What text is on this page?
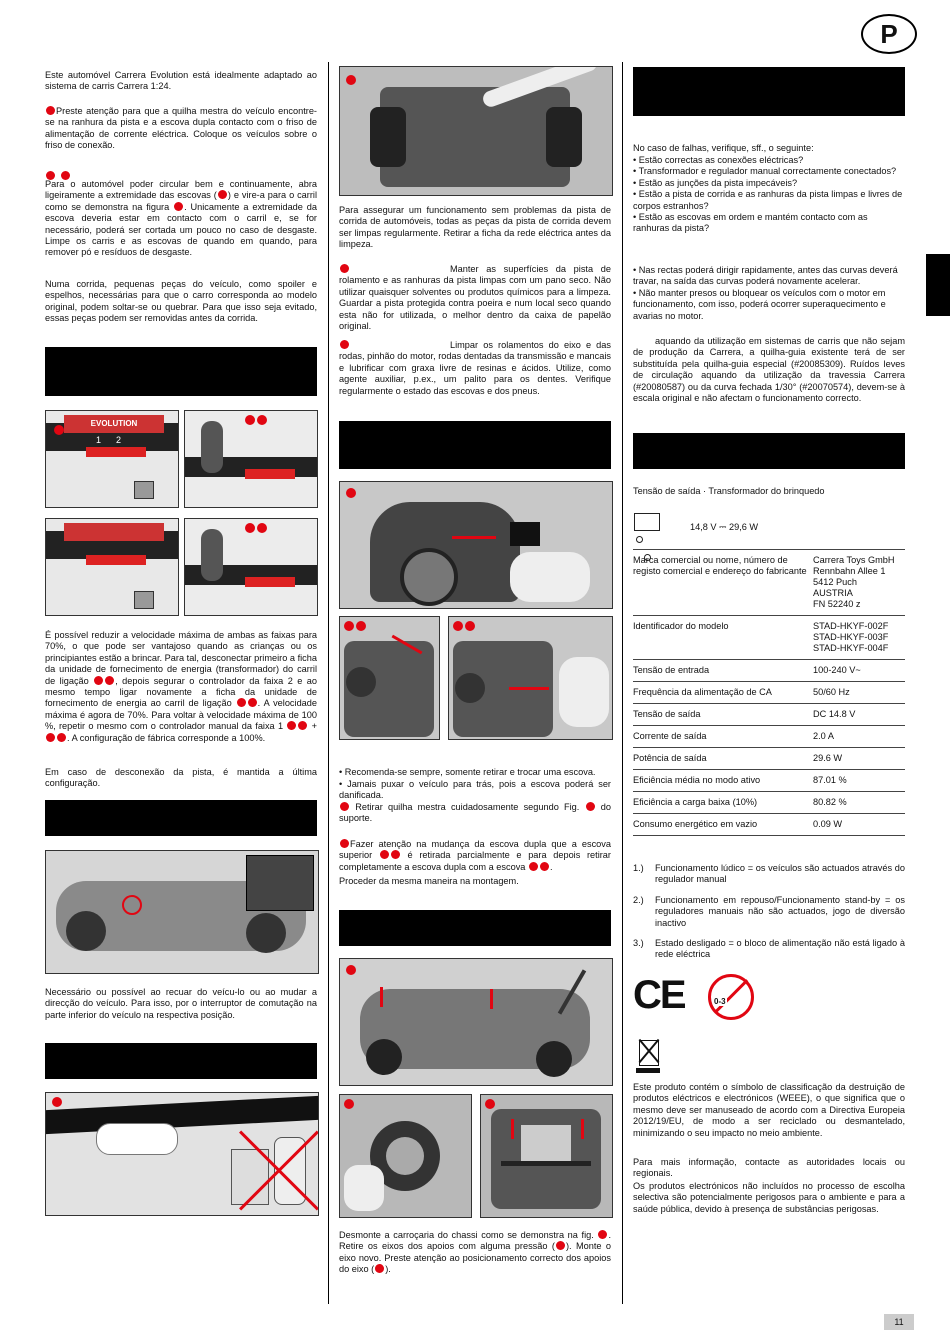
P

Este automóvel Carrera Evolution está idealmente adaptado ao sistema de carris Carrera 1:24.

Preste atenção para que a quilha mestra do veículo encontre-se na ranhura da pista e a escova dupla contacto com o friso de alimentação de corrente eléctrica. Coloque os veículos sobre o friso de conexão.

Para o automóvel poder circular bem e continuamente, abra ligeiramente a extremidade das escovas ( ) e vire-a para o carril como se demonstra na figura . Unicamente a extremidade da escova deveria estar em contacto com o carril e, se for necessário, poderá ser cortada um pouco no caso de desgaste. Limpe os carris e as escovas de quando em quando, para remover pó e resíduos de desgaste.

Numa corrida, pequenas peças do veículo, como spoiler e espelhos, necessárias para que o carro corresponda ao modelo original, podem soltar-se ou quebrar. Para que isso seja evitado, essas peças podem ser removidas antes da corrida.

EVOLUTION
1 2

É possível reduzir a velocidade máxima de ambas as faixas para 70%, o que pode ser vantajoso quando as crianças ou os principiantes estão a brincar. Para tal, desconectar primeiro a ficha da unidade de fornecimento de energia (transformador) do carril de ligação , depois segurar o controlador da faixa 2 e ao mesmo tempo ligar novamente a ficha da unidade de fornecimento de energia ao carril de ligação . A velocidade máxima é agora de 70%. Para voltar à velocidade máxima de 100 %, repetir o mesmo com o controlador manual da faixa 1	+ . A configuração de fábrica corresponde a 100%.

Em caso de desconexão da pista, é mantida a última configuração.

Necessário ou possível ao recuar do veícu-lo ou ao mudar a direcção do veículo. Para isso, por o interruptor de comutação na parte inferior do veículo na respectiva posição.

Para assegurar um funcionamento sem problemas da pista de corrida de automóveis, todas as peças da pista de corrida devem ser limpas regularmente. Retirar a ficha da rede eléctrica antes da limpeza.

Manter as superfícies da pista de rolamento e as ranhuras da pista limpas com um pano seco. Não utilizar quaisquer solventes ou produtos químicos para a limpeza. Guardar a pista protegida contra poeira e num local seco quando esta não for utilizada, o melhor dentro da caixa de papelão original.

Limpar os rolamentos do eixo e das rodas, pinhão do motor, rodas dentadas da transmissão e mancais e lubrificar com graxa livre de resinas e ácidos. Utilize, como agente auxiliar, p.ex., um palito para os dentes. Verifique regularmente o estado das escovas e dos pneus.

• Recomenda-se sempre, somente retirar e trocar uma escova.

• Jamais puxar o veículo para trás, pois a escova poderá ser danificada.

Retirar quilha mestra cuidadosamente segundo Fig. do suporte.

Fazer atenção na mudança da escova dupla que a escova superior	é retirada parcialmente e para depois retirar completamente a escova dupla com a escova	.

Proceder da mesma maneira na montagem.

Desmonte a carroçaria do chassi como se demonstra na fig. . Retire os eixos dos apoios com alguma pressão ( ). Monte o eixo novo. Preste atenção ao posicionamento correcto dos apoios do eixo ( ).

No caso de falhas, verifique, sff., o seguinte:

• Estão correctas as conexões eléctricas?
• Transformador e regulador manual correctamente conectados?
• Estão as junções da pista impecáveis?
• Estão a pista de corrida e as ranhuras da pista limpas e livres de corpos estranhos?
• Estão as escovas em ordem e mantém contacto com as ranhuras da pista?
• Nas rectas poderá dirigir rapidamente, antes das curvas deverá travar, na saída das curvas poderá novamente acelerar.
• Não manter presos ou bloquear os veículos com o motor em funcionamento, com isso, poderá ocorrer superaquecimento e avarias no motor.

aquando da utilização em sistemas de carris que não sejam de produção da Carrera, a quilha-guia existente terá de ser substituída pela quilha-guia especial (#20085309). Ruídos leves de circulação aquando da utilização da travessia Carrera (#20080587) ou da curva fechada 1/30° (#20070574), devem-se à escala original e não afectam o funcionamento correcto.

Tensão de saída · Transformador do brinquedo

14,8 V ⎓ 29,6 W
Marca comercial ou nome, número de registo comercial e endereço do fabricante
Carrera Toys GmbH
Rennbahn Allee 1
5412 Puch
AUSTRIA
FN 52240 z
Identificador do modelo	STAD-HKYF-002F
STAD-HKYF-003F
STAD-HKYF-004F
Tensão de entrada	100-240 V~
Frequência da alimentação de CA	50/60 Hz
Tensão de saída	DC 14.8 V
Corrente de saída	2.0 A
Potência de saída	29.6 W
Eficiência média no modo ativo	87.01 %
Eficiência a carga baixa (10%)	80.82 %
Consumo energético em vazio	0.09 W
1.)	Funcionamento lúdico = os veículos são actuados através do regulador manual
2.)	Funcionamento em repouso/Funcionamento stand-by = os reguladores manuais não são actuados, jogo de diversão inactivo
3.)	Estado desligado = o bloco de alimentação não está ligado à rede eléctrica
CE	0-3

Este produto contém o símbolo de classificação da destruição de produtos eléctricos e electrónicos (WEEE), o que significa que o mesmo deve ser manuseado de acordo com a Directiva Europeia 2012/19/EU, de modo a ser reciclado ou desmantelado, minimizando o seu impacto no meio ambiente.

Para mais informação, contacte as autoridades locais ou regionais.

Os produtos electrónicos não incluídos no processo de escolha selectiva são potencialmente perigosos para o ambiente e para a saúde pública, devido à presença de substâncias perigosas.

11
